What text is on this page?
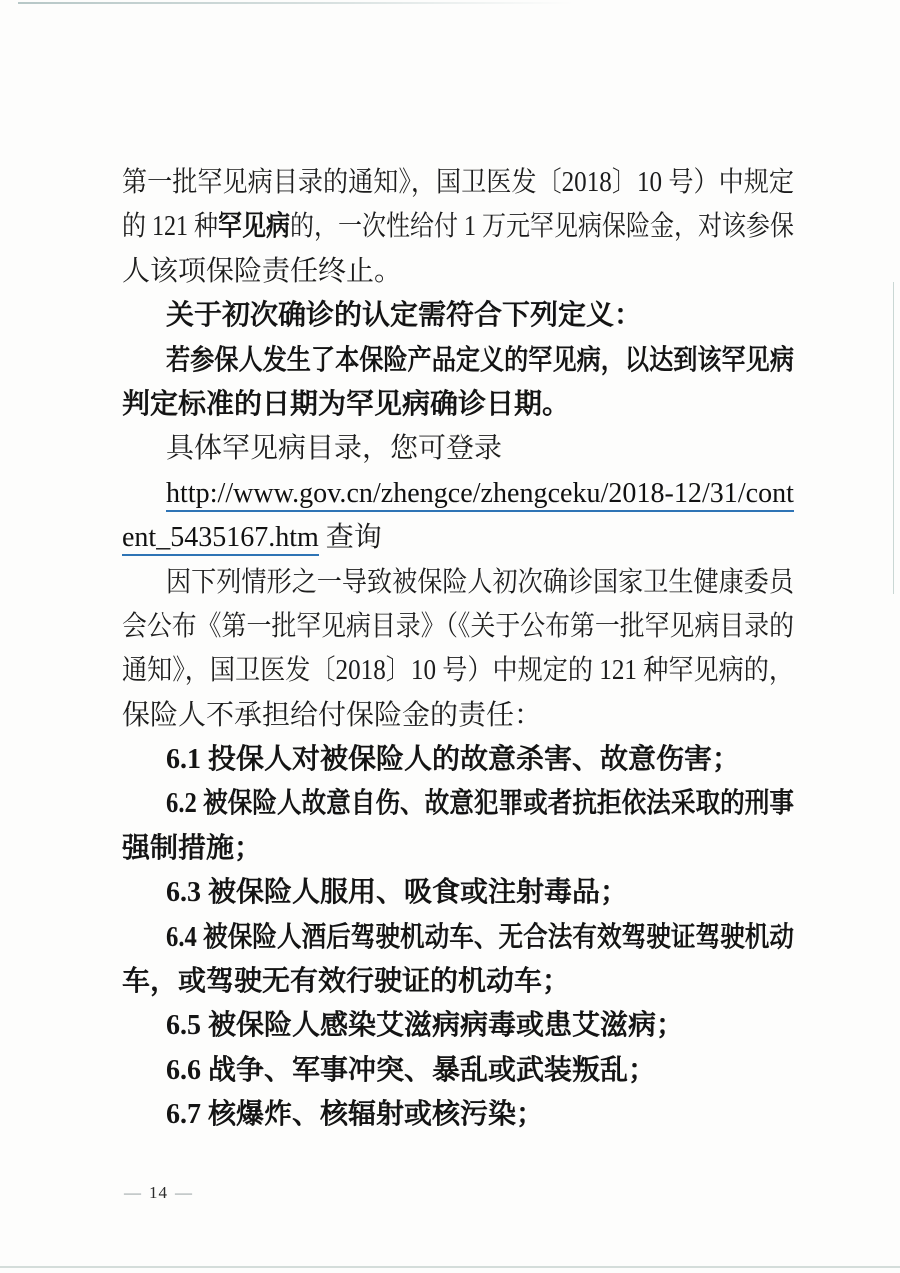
第一批罕见病目录的通知》，国卫医发〔2018〕10 号）中规定
的 121 种罕见病的，一次性给付 1 万元罕见病保险金，对该参保
人该项保险责任终止。
关于初次确诊的认定需符合下列定义：
若参保人发生了本保险产品定义的罕见病，以达到该罕见病
判定标准的日期为罕见病确诊日期。
具体罕见病目录，您可登录
http://www.gov.cn/zhengce/zhengceku/2018-12/31/cont
ent_5435167.htm 查询
因下列情形之一导致被保险人初次确诊国家卫生健康委员
会公布《第一批罕见病目录》（《关于公布第一批罕见病目录的
通知》，国卫医发〔2018〕10 号）中规定的 121 种罕见病的，
保险人不承担给付保险金的责任：
6.1 投保人对被保险人的故意杀害、故意伤害；
6.2 被保险人故意自伤、故意犯罪或者抗拒依法采取的刑事
强制措施；
6.3 被保险人服用、吸食或注射毒品；
6.4 被保险人酒后驾驶机动车、无合法有效驾驶证驾驶机动
车，或驾驶无有效行驶证的机动车；
6.5 被保险人感染艾滋病病毒或患艾滋病；
6.6 战争、军事冲突、暴乱或武装叛乱；
6.7 核爆炸、核辐射或核污染；
— 14 —
